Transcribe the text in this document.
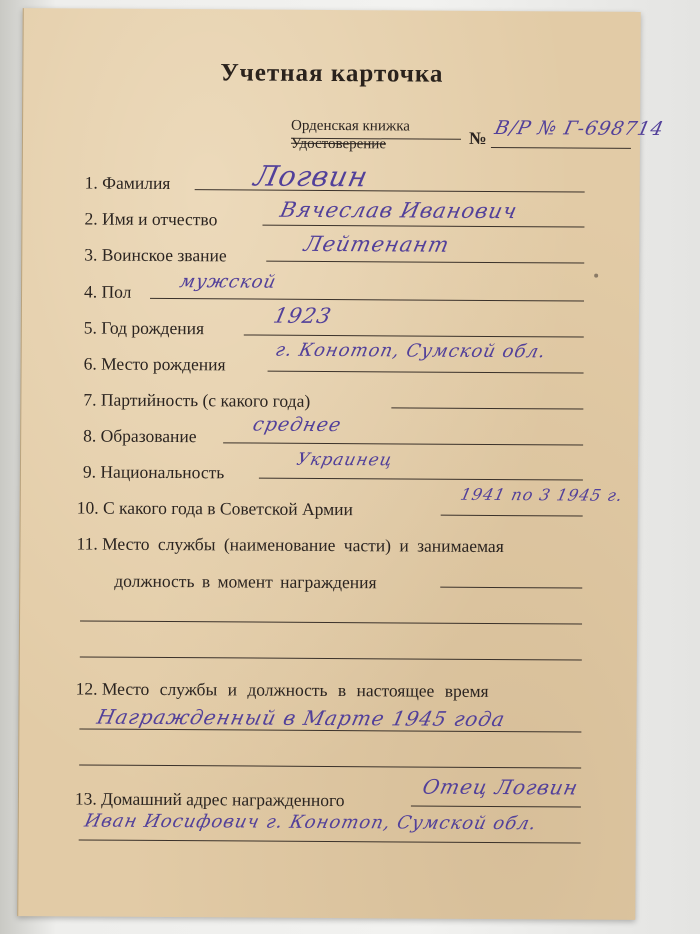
Учетная карточка
Орденская книжка
Удостоверение	№ В/Р № Г-698714
1. Фамилия	Логвин
2. Имя и отчество	Вячеслав Иванович
3. Воинское звание	Лейтенант
4. Пол	мужской
5. Год рождения	1923
6. Место рождения
г. Конотоп, Сумской обл.
7. Партийность (с какого года)
8. Образование	среднее
9. Национальность
Украинец
10. С какого года в Советской Армии
1941 по 3 1945 г.
11. Место службы (наименование части) и занимаемая
должность в момент награждения
12. Место службы и должность в настоящее время
Награжденный в Марте 1945 года
13. Домашний адрес награжденного	Отец Логвин
Иван Иосифович г. Конотоп, Сумской обл.
